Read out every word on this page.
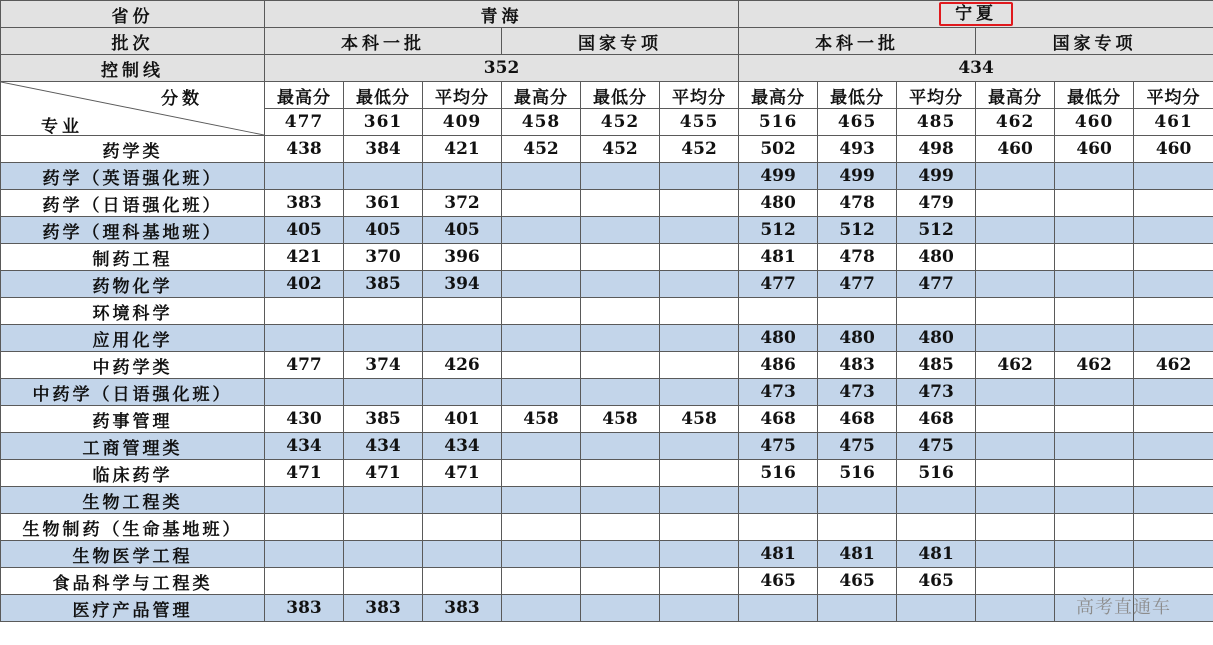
省份	青海						宁夏					
批次	本科一批			国家专项			本科一批			国家专项		
控制线	352						434					

分数
专业	最高分	最低分	平均分	最高分	最低分	平均分	最高分	最低分	平均分	最高分	最低分	平均分
	477	361	409	458	452	455	516	465	485	462	460	461
药学类	438	384	421	452	452	452	502	493	498	460	460	460
药学（英语强化班）							499	499	499			
药学（日语强化班）	383	361	372				480	478	479			
药学（理科基地班）	405	405	405				512	512	512			
制药工程	421	370	396				481	478	480			
药物化学	402	385	394				477	477	477			
环境科学												
应用化学							480	480	480			
中药学类	477	374	426				486	483	485	462	462	462
中药学（日语强化班）							473	473	473			
药事管理	430	385	401	458	458	458	468	468	468			
工商管理类	434	434	434				475	475	475			
临床药学	471	471	471				516	516	516			
生物工程类												
生物制药（生命基地班）												
生物医学工程							481	481	481			
食品科学与工程类							465	465	465			
医疗产品管理	383	383	383										高考直通车
